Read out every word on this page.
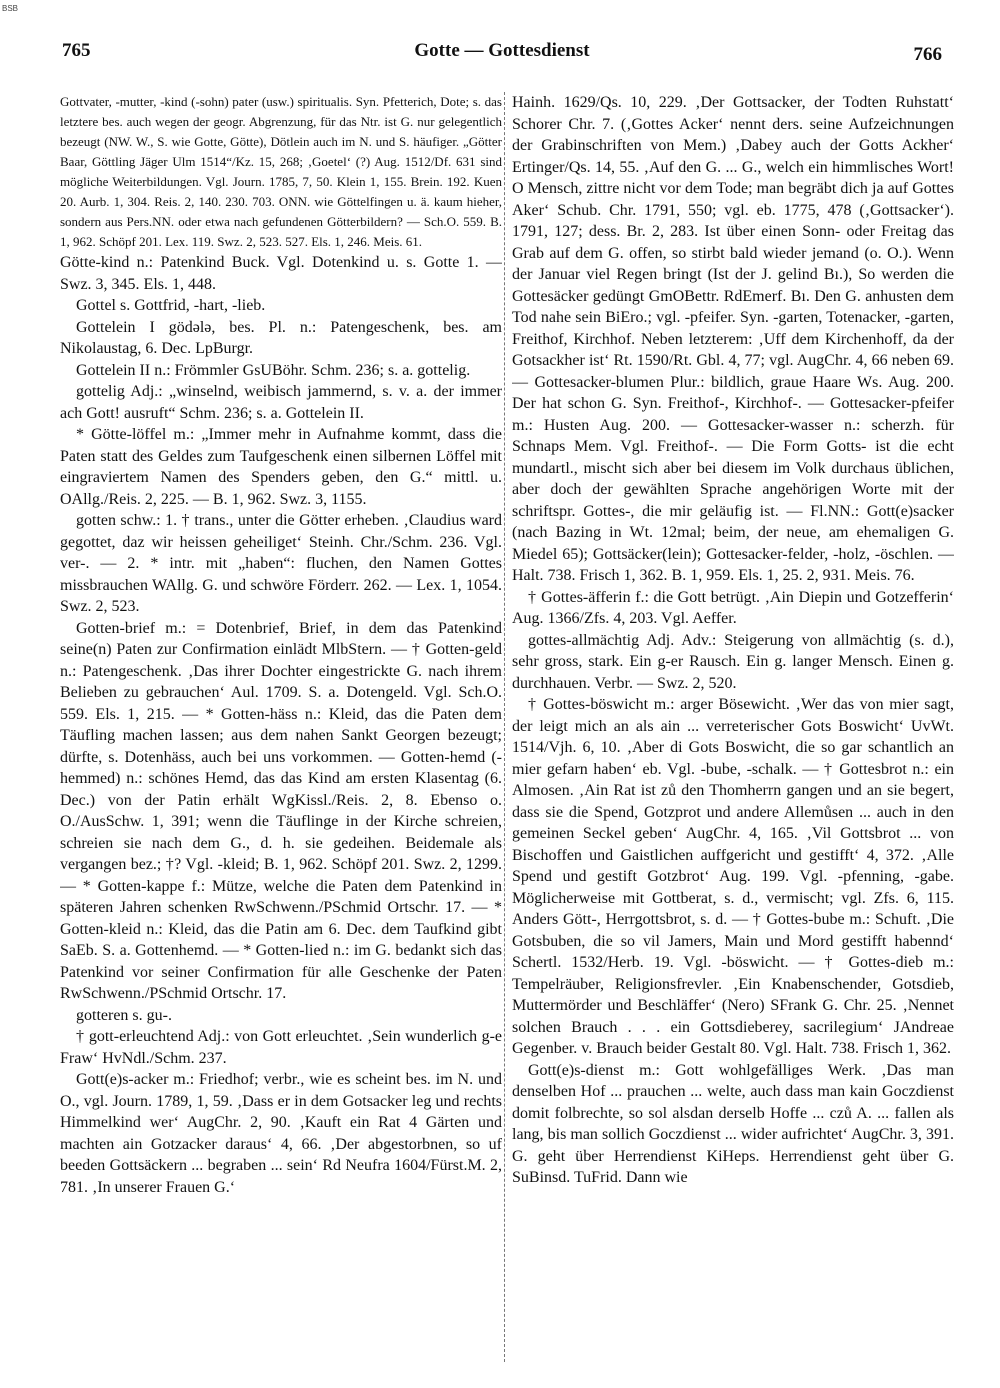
BSB
765	Gotte — Gottesdienst	766

Gottvater, -mutter, -kind (-sohn) pater (usw.) spiritualis. Syn. Pfetterich, Dote; s. das letztere bes. auch wegen der geogr. Abgrenzung, für das Ntr. ist G. nur gelegentlich bezeugt (NW. W., S. wie Gotte, Götte), Dötlein auch im N. und S. häufiger. „Götter Baar, Göttling Jäger Ulm 1514“/Kz. 15, 268; ‚Goetel‘ (?) Aug. 1512/Df. 631 sind mögliche Weiterbildungen. Vgl. Journ. 1785, 7, 50. Klein 1, 155. Brein. 192. Kuen 20. Aurb. 1, 304. Reis. 2, 140. 230. 703. ONN. wie Göttelfingen u. ä. kaum hieher, sondern aus Pers.NN. oder etwa nach gefundenen Götterbildern? — Sch.O. 559. B. 1, 962. Schöpf 201. Lex. 119. Swz. 2, 523. 527. Els. 1, 246. Meis. 61.

Götte-kind n.: Patenkind Buck. Vgl. Dotenkind u. s. Gotte 1. — Swz. 3, 345. Els. 1, 448.

Gottel s. Gottfrid, -hart, -lieb.

Gottelein I gödələ, bes. Pl. n.: Patengeschenk, bes. am Nikolaustag, 6. Dec. LpBurgr.

Gottelein II n.: Frömmler GsUBöhr. Schm. 236; s. a. gottelig.

gottelig Adj.: „winselnd, weibisch jammernd, s. v. a. der immer ach Gott! ausruft“ Schm. 236; s. a. Gottelein II.

* Götte-löffel m.: „Immer mehr in Aufnahme kommt, dass die Paten statt des Geldes zum Taufgeschenk einen silbernen Löffel mit eingraviertem Namen des Spenders geben, den G.“ mittl. u. OAllg./Reis. 2, 225. — B. 1, 962. Swz. 3, 1155.

gotten schw.: 1. † trans., unter die Götter erheben. ‚Claudius ward gegottet, daz wir heissen geheiliget‘ Steinh. Chr./Schm. 236. Vgl. ver-. — 2. * intr. mit „haben“: fluchen, den Namen Gottes missbrauchen WAllg. G. und schwöre Förderr. 262. — Lex. 1, 1054. Swz. 2, 523.

Gotten-brief m.: = Dotenbrief, Brief, in dem das Patenkind seine(n) Paten zur Confirmation einlädt MlbStern. — † Gotten-geld n.: Patengeschenk. ‚Das ihrer Dochter eingestrickte G. nach ihrem Belieben zu gebrauchen‘ Aul. 1709. S. a. Dotengeld. Vgl. Sch.O. 559. Els. 1, 215. — * Gotten-häss n.: Kleid, das die Paten dem Täufling machen lassen; aus dem nahen Sankt Georgen bezeugt; dürfte, s. Dotenhäss, auch bei uns vorkommen. — Gotten-hemd (-hemmed) n.: schönes Hemd, das das Kind am ersten Klasentag (6. Dec.) von der Patin erhält WgKissl./Reis. 2, 8. Ebenso o. O./AusSchw. 1, 391; wenn die Täuflinge in der Kirche schreien, schreien sie nach dem G., d. h. sie gedeihen. Beidemale als vergangen bez.; †? Vgl. -kleid; B. 1, 962. Schöpf 201. Swz. 2, 1299. — * Gotten-kappe f.: Mütze, welche die Paten dem Patenkind in späteren Jahren schenken RwSchwenn./PSchmid Ortschr. 17. — * Gotten-kleid n.: Kleid, das die Patin am 6. Dec. dem Taufkind gibt SaEb. S. a. Gottenhemd. — * Gotten-lied n.: im G. bedankt sich das Patenkind vor seiner Confirmation für alle Geschenke der Paten RwSchwenn./PSchmid Ortschr. 17.

gotteren s. gu-.

† gott-erleuchtend Adj.: von Gott erleuchtet. ‚Sein wunderlich g-e Fraw‘ HvNdl./Schm. 237.

Gott(e)s-acker m.: Friedhof; verbr., wie es scheint bes. im N. und O., vgl. Journ. 1789, 1, 59. ‚Dass er in dem Gotsacker leg und rechts Himmelkind wer‘ AugChr. 2, 90. ‚Kauft ein Rat 4 Gärten und machten ain Gotzacker daraus‘ 4, 66. ‚Der abgestorbnen, so uf beeden Gottsäckern ... begraben ... sein‘ Rd Neufra 1604/Fürst.M. 2, 781. ‚In unserer Frauen G.‘

Hainh. 1629/Qs. 10, 229. ‚Der Gottsacker, der Todten Ruhstatt‘ Schorer Chr. 7. (‚Gottes Acker‘ nennt ders. seine Aufzeichnungen der Grabinschriften von Mem.) ‚Dabey auch der Gotts Ackher‘ Ertinger/Qs. 14, 55. ‚Auf den G. ... G., welch ein himmlisches Wort! O Mensch, zittre nicht vor dem Tode; man begräbt dich ja auf Gottes Aker‘ Schub. Chr. 1791, 550; vgl. eb. 1775, 478 (‚Gottsacker‘). 1791, 127; dess. Br. 2, 283. Ist über einen Sonn- oder Freitag das Grab auf dem G. offen, so stirbt bald wieder jemand (o. O.). Wenn der Januar viel Regen bringt (Ist der J. gelind Bı.), So werden die Gottesäcker gedüngt GmOBettr. RdEmerf. Bı. Den G. anhusten dem Tod nahe sein BiEro.; vgl. -pfeifer. Syn. -garten, Totenacker, -garten, Freithof, Kirchhof. Neben letzterem: ‚Uff dem Kirchenhoff, da der Gotsackher ist‘ Rt. 1590/Rt. Gbl. 4, 77; vgl. AugChr. 4, 66 neben 69. — Gottesacker-blumen Plur.: bildlich, graue Haare Ws. Aug. 200. Der hat schon G. Syn. Freithof-, Kirchhof-. — Gottesacker-pfeifer m.: Husten Aug. 200. — Gottesacker-wasser n.: scherzh. für Schnaps Mem. Vgl. Freithof-. — Die Form Gotts- ist die echt mundartl., mischt sich aber bei diesem im Volk durchaus üblichen, aber doch der gewählten Sprache angehörigen Worte mit der schriftspr. Gottes-, die mir geläufig ist. — Fl.NN.: Gott(e)sacker (nach Bazing in Wt. 12mal; beim, der neue, am ehemaligen G. Miedel 65); Gottsäcker(lein); Gottesacker-felder, -holz, -öschlen. — Halt. 738. Frisch 1, 362. B. 1, 959. Els. 1, 25. 2, 931. Meis. 76.

† Gottes-äfferin f.: die Gott betrügt. ‚Ain Diepin und Gotzefferin‘ Aug. 1366/Zfs. 4, 203. Vgl. Aeffer.

gottes-allmächtig Adj. Adv.: Steigerung von allmächtig (s. d.), sehr gross, stark. Ein g-er Rausch. Ein g. langer Mensch. Einen g. durchhauen. Verbr. — Swz. 2, 520.

† Gottes-böswicht m.: arger Bösewicht. ‚Wer das von mier sagt, der leigt mich an als ain ... verreterischer Gots Boswicht‘ UvWt. 1514/Vjh. 6, 10. ‚Aber di Gots Boswicht, die so gar schantlich an mier gefarn haben‘ eb. Vgl. -bube, -schalk. — † Gottesbrot n.: ein Almosen. ‚Ain Rat ist zů den Thomherrn gangen und an sie begert, dass sie die Spend, Gotzprot und andere Allemůsen ... auch in den gemeinen Seckel geben‘ AugChr. 4, 165. ‚Vil Gottsbrot ... von Bischoffen und Gaistlichen auffgericht und gestifft‘ 4, 372. ‚Alle Spend und gestift Gotzbrot‘ Aug. 199. Vgl. -pfenning, -gabe. Möglicherweise mit Gottberat, s. d., vermischt; vgl. Zfs. 6, 115. Anders Gött-, Herrgottsbrot, s. d. — † Gottes-bube m.: Schuft. ‚Die Gotsbuben, die so vil Jamers, Main und Mord gestifft habennd‘ Schertl. 1532/Herb. 19. Vgl. -böswicht. — † Gottes-dieb m.: Tempelräuber, Religionsfrevler. ‚Ein Knabenschender, Gotsdieb, Muttermörder und Beschläffer‘ (Nero) SFrank G. Chr. 25. ‚Nennet solchen Brauch . . . ein Gottsdieberey, sacrilegium‘ JAndreae Gegenber. v. Brauch beider Gestalt 80. Vgl. Halt. 738. Frisch 1, 362.

Gott(e)s-dienst m.: Gott wohlgefälliges Werk. ‚Das man denselben Hof ... prauchen ... welte, auch dass man kain Goczdienst domit folbrechte, so sol alsdan derselb Hoffe ... czů A. ... fallen als lang, bis man sollich Goczdienst ... wider aufrichtet‘ AugChr. 3, 391. G. geht über Herrendienst KiHeps. Herrendienst geht über G. SuBinsd. TuFrid. Dann wie
